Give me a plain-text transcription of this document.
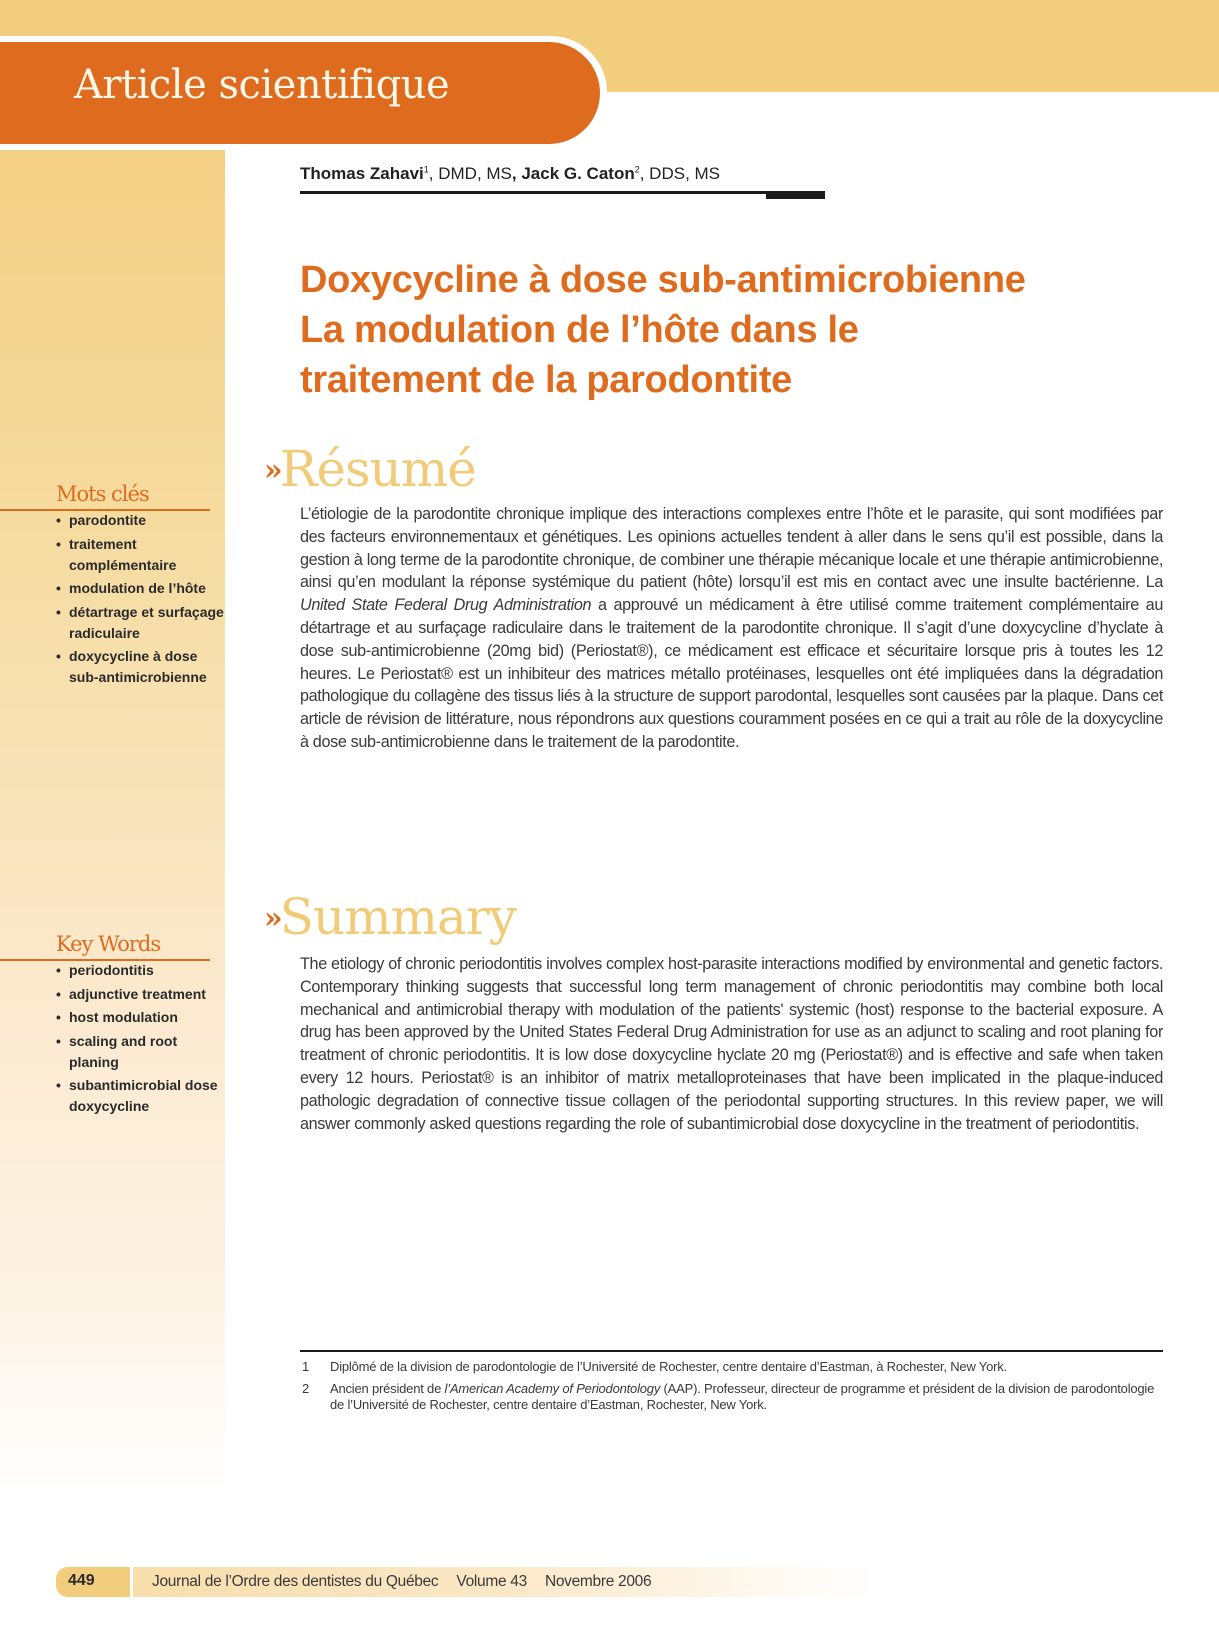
Article scientifique
Thomas Zahavi$^1$, DMD, MS, Jack G. Caton$^2$, DDS, MS
Doxycycline à dose sub-antimicrobienne
La modulation de l’hôte dans le
traitement de la parodontite
»Résumé

L’étiologie de la parodontite chronique implique des interactions complexes entre l’hôte et le parasite, qui sont modifiées par des facteurs environnementaux et génétiques. Les opinions actuelles tendent à aller dans le sens qu’il est possible, dans la gestion à long terme de la parodontite chronique, de combiner une thérapie mécanique locale et une thérapie antimicrobienne, ainsi qu’en modulant la réponse systémique du patient (hôte) lorsqu’il est mis en contact avec une insulte bactérienne. La United State Federal Drug Administration a approuvé un médicament à être utilisé comme traitement complémentaire au détartrage et au surfaçage radiculaire dans le traitement de la parodontite chronique. Il s’agit d’une doxycycline d’hyclate à dose sub-antimicrobienne (20mg bid) (Periostat®), ce médicament est efficace et sécuritaire lorsque pris à toutes les 12 heures. Le Periostat® est un inhibiteur des matrices métallo protéinases, lesquelles ont été impliquées dans la dégradation pathologique du collagène des tissus liés à la structure de support parodontal, lesquelles sont causées par la plaque. Dans cet article de révision de littérature, nous répondrons aux questions couramment posées en ce qui a trait au rôle de la doxycycline à dose sub-antimicrobienne dans le traitement de la parodontite.

Mots clés
• parodontite
• traitement complémentaire
• modulation de l’hôte
• détartrage et surfaçage radiculaire
• doxycycline à dose sub-antimicrobienne
»Summary

The etiology of chronic periodontitis involves complex host-parasite interactions modified by environmental and genetic factors. Contemporary thinking suggests that successful long term management of chronic periodontitis may combine both local mechanical and antimicrobial therapy with modulation of the patients' systemic (host) response to the bacterial exposure. A drug has been approved by the United States Federal Drug Administration for use as an adjunct to scaling and root planing for treatment of chronic periodontitis. It is low dose doxycycline hyclate 20 mg (Periostat®) and is effective and safe when taken every 12 hours. Periostat® is an inhibitor of matrix metalloproteinases that have been implicated in the plaque-induced pathologic degradation of connective tissue collagen of the periodontal supporting structures. In this review paper, we will answer commonly asked questions regarding the role of subantimicrobial dose doxycycline in the treatment of periodontitis.

Key Words
• periodontitis
• adjunctive treatment
• host modulation
• scaling and root planing
• subantimicrobial dose doxycycline
1 Diplômé de la division de parodontologie de l’Université de Rochester, centre dentaire d’Eastman, à Rochester, New York.
2 Ancien président de l’American Academy of Periodontology (AAP). Professeur, directeur de programme et président de la division de parodontologie de l’Université de Rochester, centre dentaire d’Eastman, Rochester, New York.
449	Journal de l’Ordre des dentistes du Québec Volume 43 Novembre 2006
